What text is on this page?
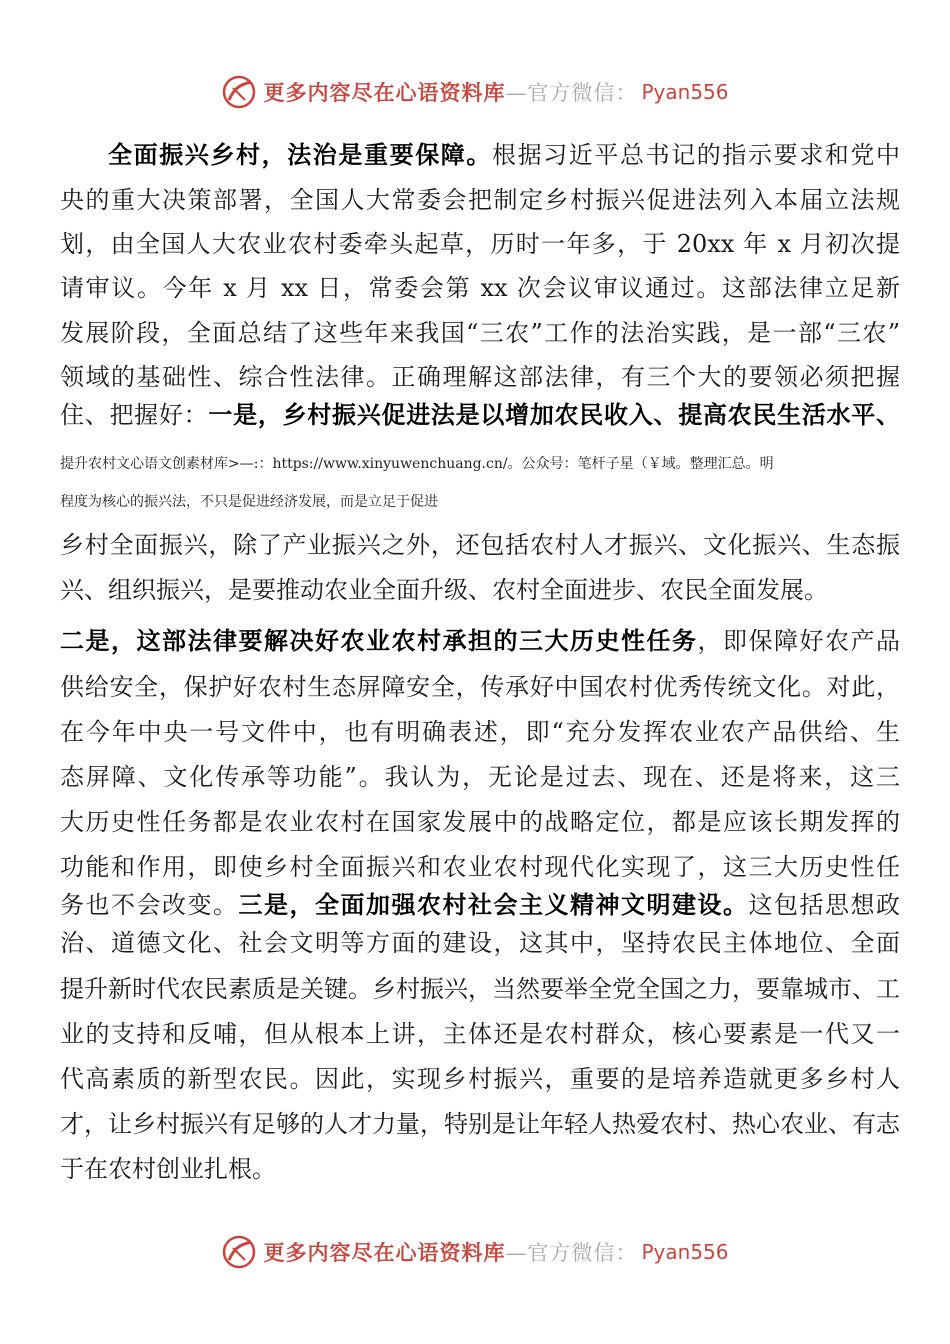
更多内容尽在心语资料库 —官方微信： Pyan556
全面振兴乡村，法治是重要保障。根据习近平总书记的指示要求和党中
央的重大决策部署，全国人大常委会把制定乡村振兴促进法列入本届立法规
划，由全国人大农业农村委牵头起草，历时一年多，于 20xx 年 x 月初次提
请审议。今年 x 月 xx 日，常委会第 xx 次会议审议通过。这部法律立足新
发展阶段，全面总结了这些年来我国“三农”工作的法治实践，是一部“三农”
领域的基础性、综合性法律。正确理解这部法律，有三个大的要领必须把握
住、把握好：一是，乡村振兴促进法是以增加农民收入、提高农民生活水平、
提升农村文心语文创素材库>—:：https://www.xinyuwenchuang.cn/。公众号：笔杆子星（￥域。整理汇总。明
程度为核心的振兴法，不只是促进经济发展，而是立足于促进
乡村全面振兴，除了产业振兴之外，还包括农村人才振兴、文化振兴、生态振
兴、组织振兴，是要推动农业全面升级、农村全面进步、农民全面发展。
二是，这部法律要解决好农业农村承担的三大历史性任务，即保障好农产品
供给安全，保护好农村生态屏障安全，传承好中国农村优秀传统文化。对此，
在今年中央一号文件中，也有明确表述，即“充分发挥农业农产品供给、生
态屏障、文化传承等功能”。我认为，无论是过去、现在、还是将来，这三
大历史性任务都是农业农村在国家发展中的战略定位，都是应该长期发挥的
功能和作用，即使乡村全面振兴和农业农村现代化实现了，这三大历史性任
务也不会改变。三是，全面加强农村社会主义精神文明建设。这包括思想政
治、道德文化、社会文明等方面的建设，这其中，坚持农民主体地位、全面
提升新时代农民素质是关键。乡村振兴，当然要举全党全国之力，要靠城市、工
业的支持和反哺，但从根本上讲，主体还是农村群众，核心要素是一代又一
代高素质的新型农民。因此，实现乡村振兴，重要的是培养造就更多乡村人
才，让乡村振兴有足够的人才力量，特别是让年轻人热爱农村、热心农业、有志
于在农村创业扎根。
更多内容尽在心语资料库 —官方微信： Pyan556
